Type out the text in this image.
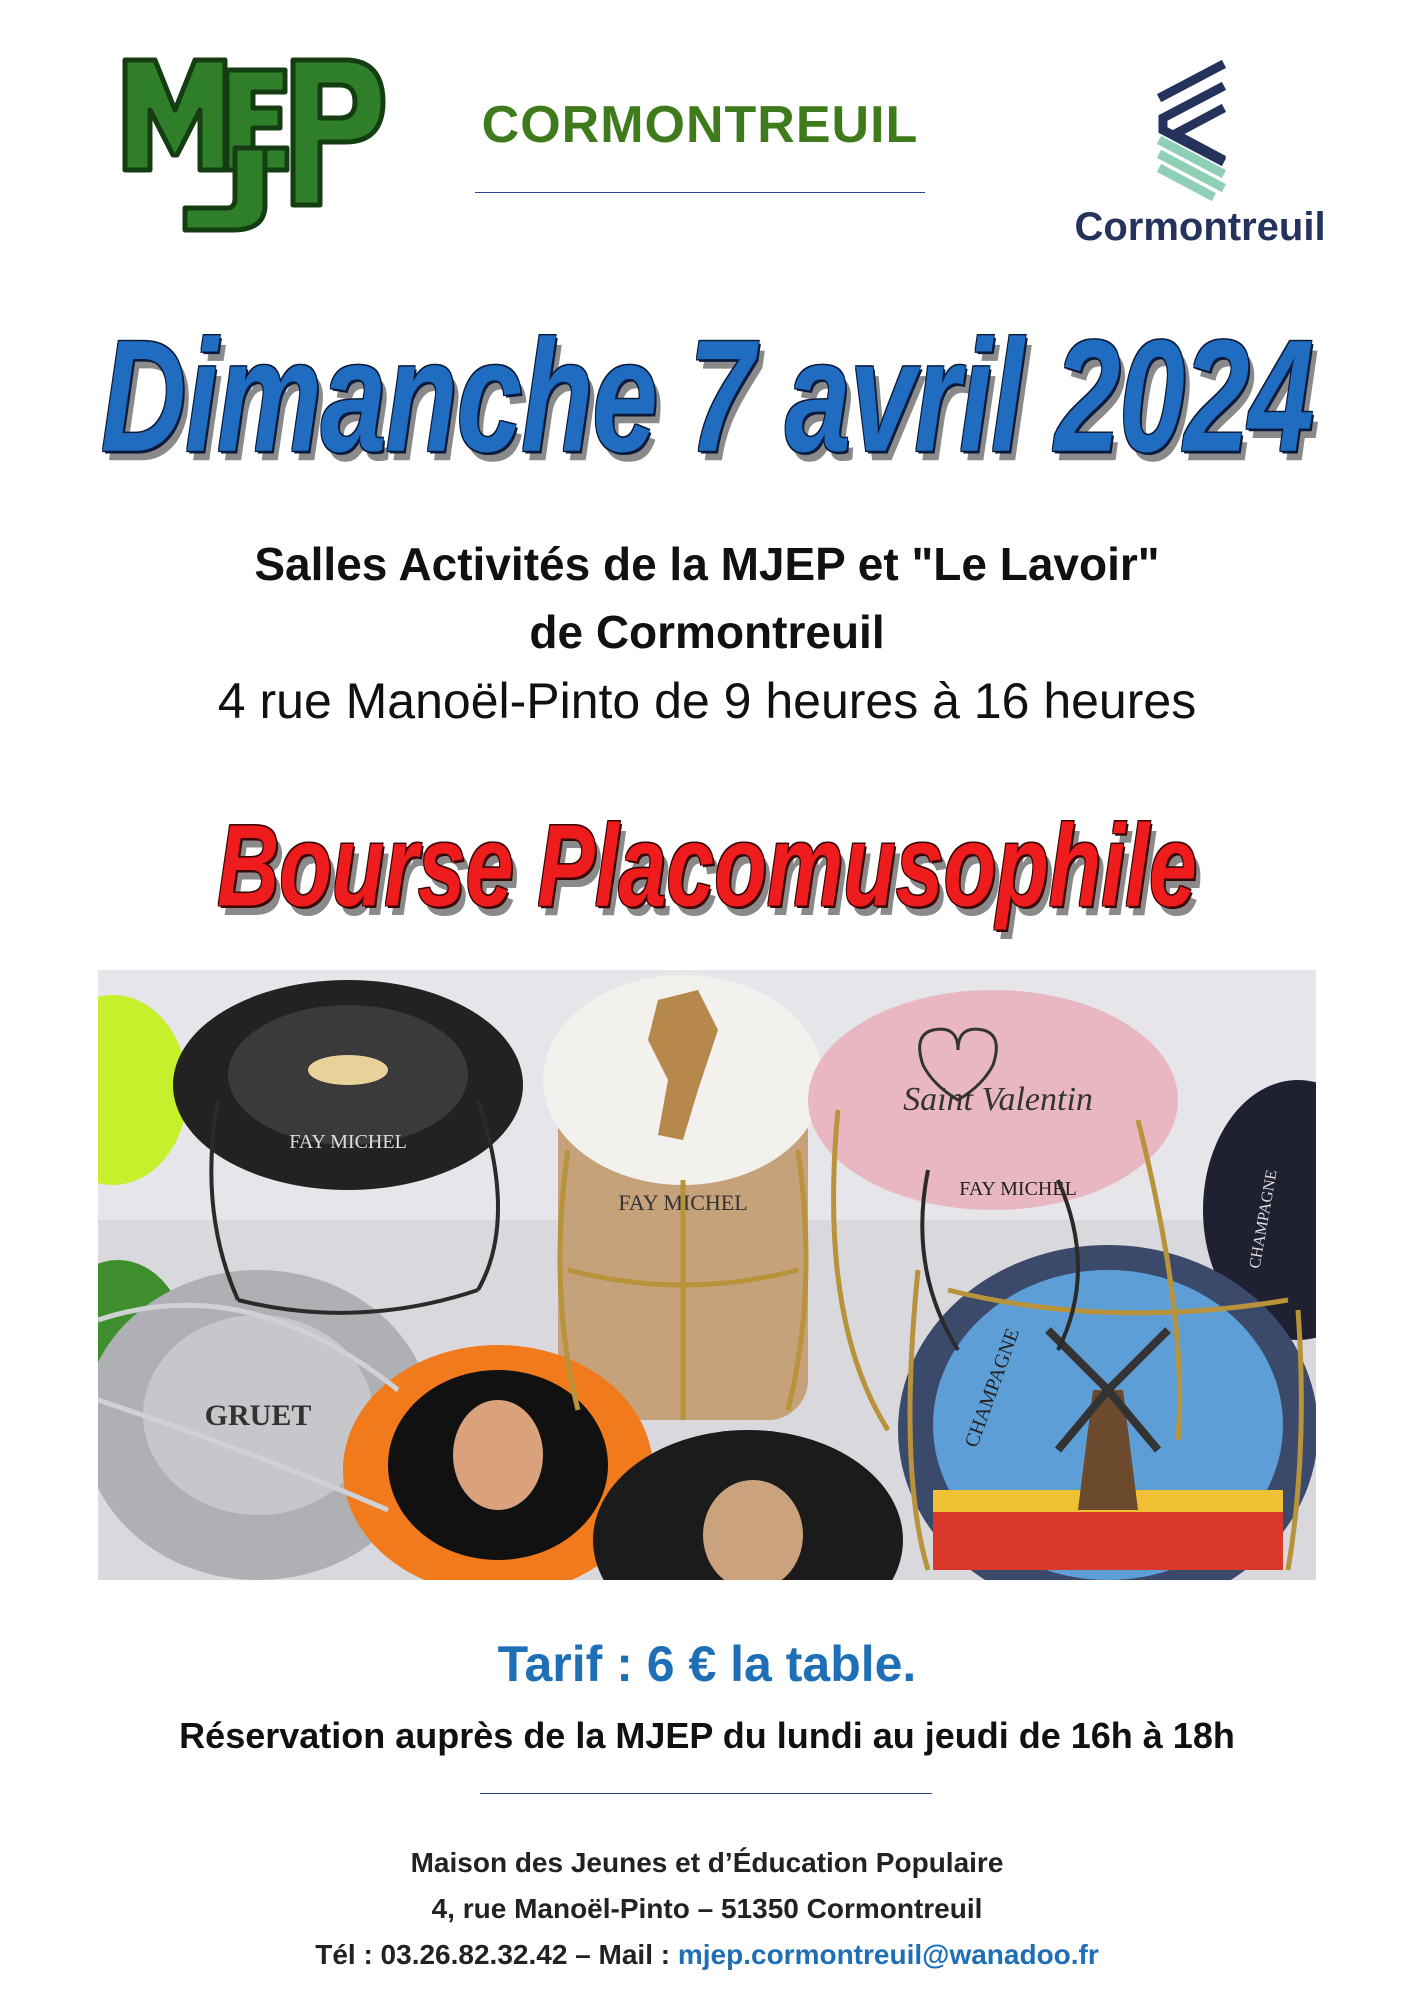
CORMONTREUIL
Cormontreuil
Dimanche 7 avril 2024
Salles Activités de la MJEP et "Le Lavoir"
de Cormontreuil
4 rue Manoël-Pinto de 9 heures à 16 heures
Bourse Placomusophile
FAY MICHEL
FAY MICHEL
Saint Valentin
FAY MICHEL
GRUET	CHAMPAGNE
CHAMPAGNE
Tarif : 6 € la table.
Réservation auprès de la MJEP du lundi au jeudi de 16h à 18h
Maison des Jeunes et d’Éducation Populaire
4, rue Manoël-Pinto – 51350 Cormontreuil
Tél : 03.26.82.32.42 – Mail : mjep.cormontreuil@wanadoo.fr
